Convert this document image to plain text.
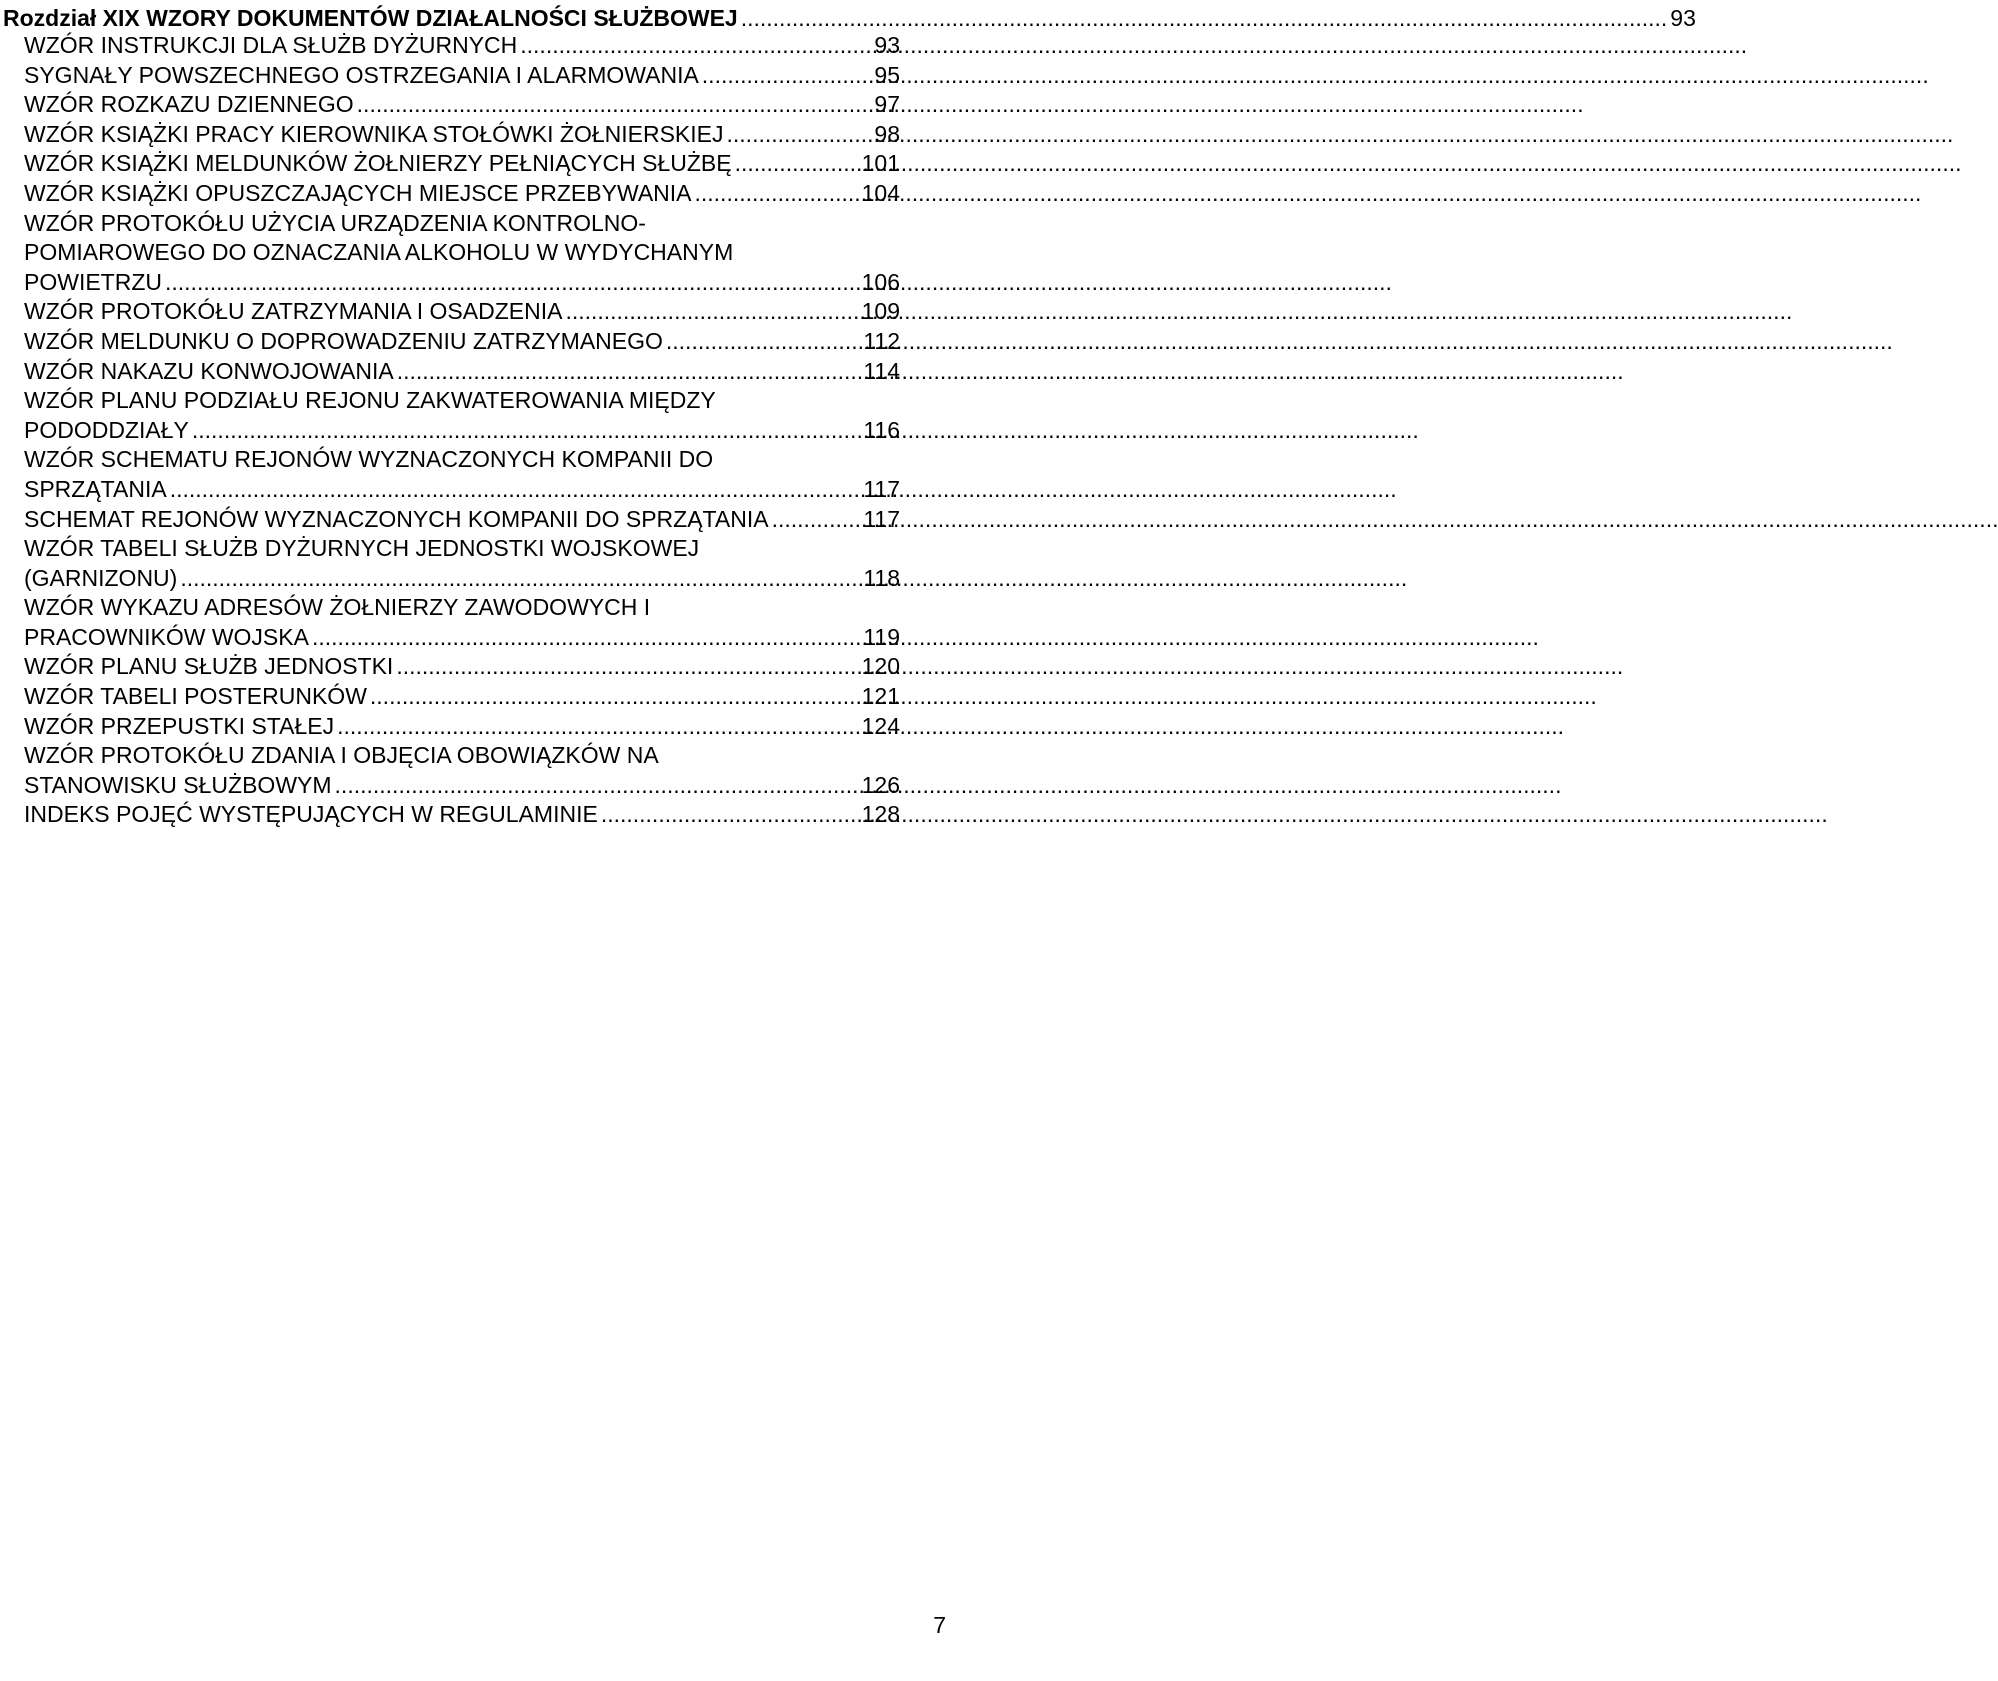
Rozdział XIX WZORY DOKUMENTÓW DZIAŁALNOŚCI SŁUŻBOWEJ ................................................................................................................................................. 93
WZÓR INSTRUKCJI DLA SŁUŻB DYŻURNYCH .....	93
SYGNAŁY POWSZECHNEGO OSTRZEGANIA I ALARMOWANIA .....	95
WZÓR ROZKAZU DZIENNEGO .....	97
WZÓR KSIĄŻKI PRACY KIEROWNIKA STOŁÓWKI ŻOŁNIERSKIEJ .....	98
WZÓR KSIĄŻKI MELDUNKÓW ŻOŁNIERZY PEŁNIĄCYCH SŁUŻBĘ .....	101
WZÓR KSIĄŻKI OPUSZCZAJĄCYCH MIEJSCE PRZEBYWANIA .....	104
WZÓR PROTOKÓŁU UŻYCIA URZĄDZENIA KONTROLNO-
POMIAROWEGO DO OZNACZANIA ALKOHOLU W WYDYCHANYM
POWIETRZU .....	106
WZÓR PROTOKÓŁU ZATRZYMANIA I OSADZENIA .....	109
WZÓR MELDUNKU O DOPROWADZENIU ZATRZYMANEGO .....	112
WZÓR NAKAZU KONWOJOWANIA .....	114
WZÓR PLANU PODZIAŁU REJONU ZAKWATEROWANIA MIĘDZY
PODODDZIAŁY .....	116
WZÓR SCHEMATU REJONÓW WYZNACZONYCH KOMPANII DO
SPRZĄTANIA .....	117
SCHEMAT REJONÓW WYZNACZONYCH KOMPANII DO SPRZĄTANIA .....	117
WZÓR TABELI SŁUŻB DYŻURNYCH JEDNOSTKI WOJSKOWEJ
(GARNIZONU) .....	118
WZÓR WYKAZU ADRESÓW ŻOŁNIERZY ZAWODOWYCH I
PRACOWNIKÓW WOJSKA .....	119
WZÓR PLANU SŁUŻB JEDNOSTKI .....	120
WZÓR TABELI POSTERUNKÓW .....	121
WZÓR PRZEPUSTKI STAŁEJ .....	124
WZÓR PROTOKÓŁU ZDANIA I OBJĘCIA OBOWIĄZKÓW NA
STANOWISKU SŁUŻBOWYM .....	126
INDEKS POJĘĆ WYSTĘPUJĄCYCH W REGULAMINIE .....	128
7
